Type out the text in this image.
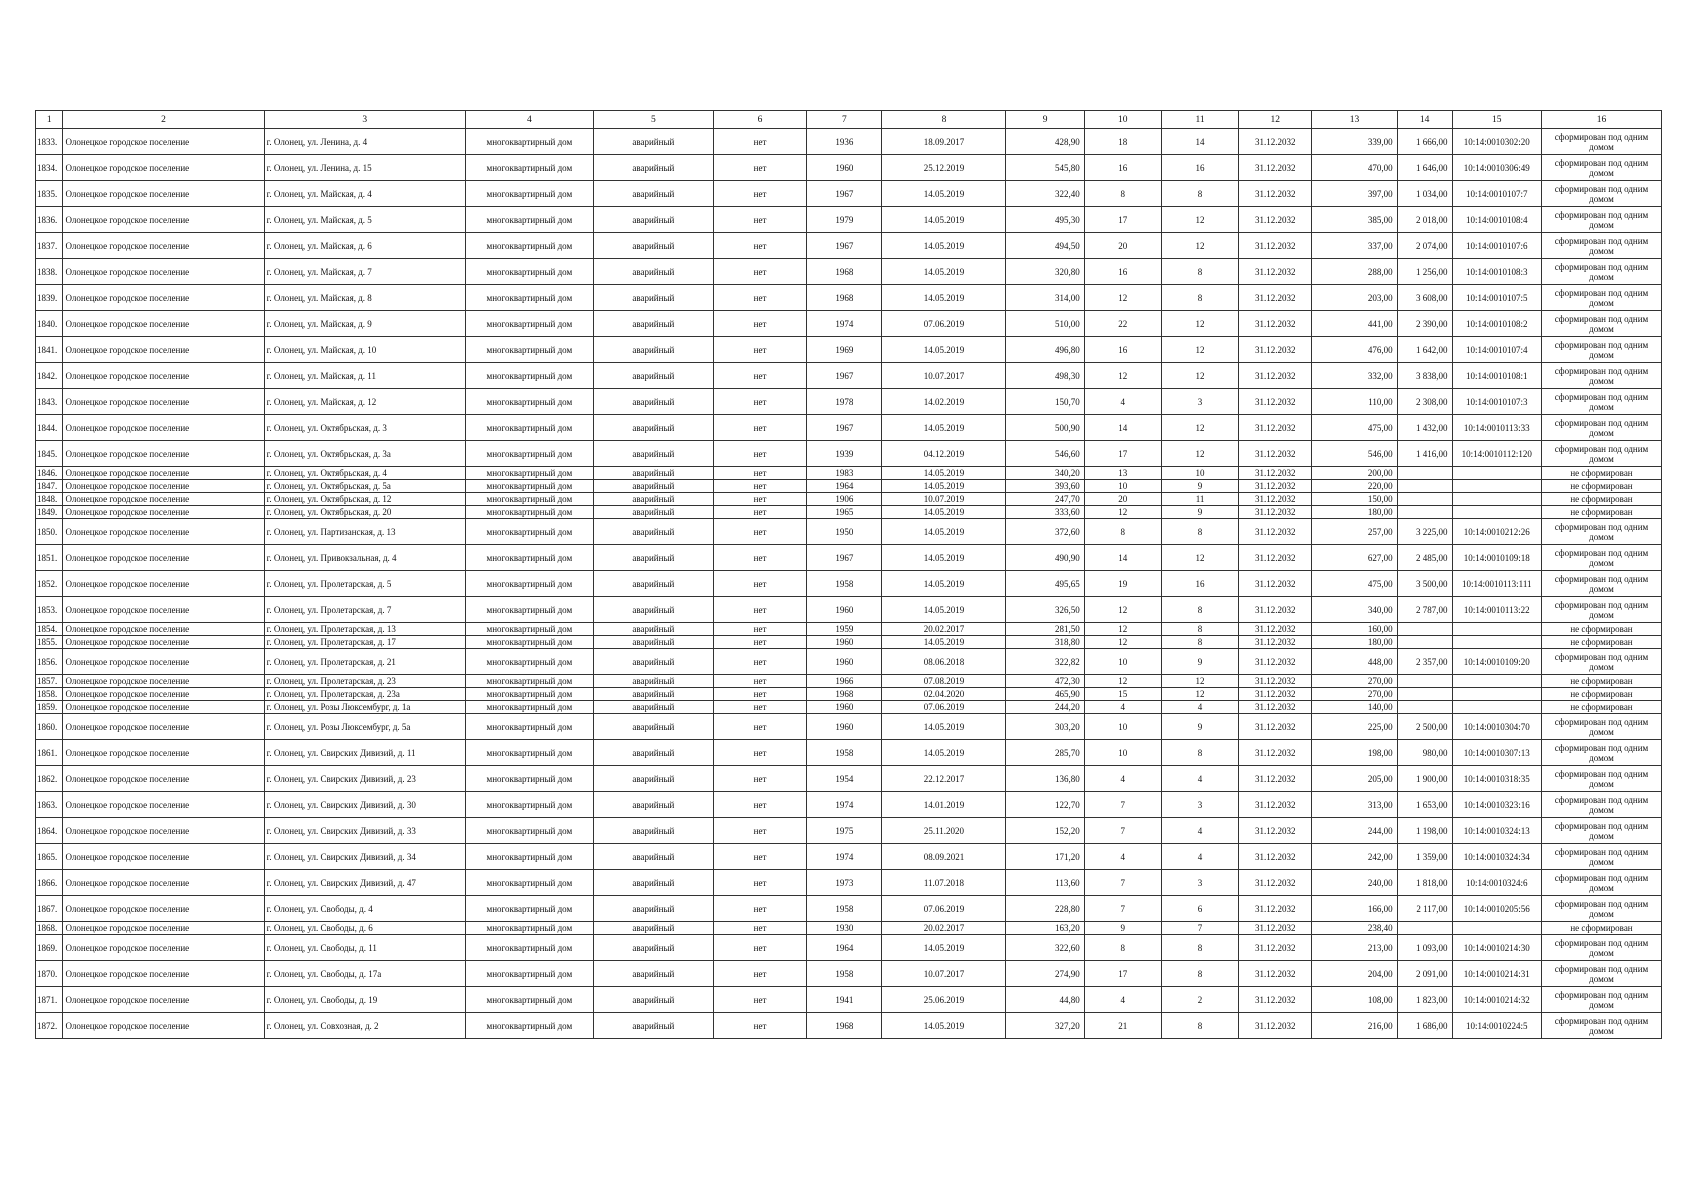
1	2	3	4	5	6	7	8	9	10	11	12	13	14	15	16
1833.	Олонецкое городское поселение	г. Олонец, ул. Ленина, д. 4	многоквартирный дом	аварийный	нет	1936	18.09.2017	428,90	18	14	31.12.2032	339,00	1 666,00	10:14:0010302:20	сформирован под одним домом
1834.	Олонецкое городское поселение	г. Олонец, ул. Ленина, д. 15	многоквартирный дом	аварийный	нет	1960	25.12.2019	545,80	16	16	31.12.2032	470,00	1 646,00	10:14:0010306:49	сформирован под одним домом
1835.	Олонецкое городское поселение	г. Олонец, ул. Майская, д. 4	многоквартирный дом	аварийный	нет	1967	14.05.2019	322,40	8	8	31.12.2032	397,00	1 034,00	10:14:0010107:7	сформирован под одним домом
1836.	Олонецкое городское поселение	г. Олонец, ул. Майская, д. 5	многоквартирный дом	аварийный	нет	1979	14.05.2019	495,30	17	12	31.12.2032	385,00	2 018,00	10:14:0010108:4	сформирован под одним домом
1837.	Олонецкое городское поселение	г. Олонец, ул. Майская, д. 6	многоквартирный дом	аварийный	нет	1967	14.05.2019	494,50	20	12	31.12.2032	337,00	2 074,00	10:14:0010107:6	сформирован под одним домом
1838.	Олонецкое городское поселение	г. Олонец, ул. Майская, д. 7	многоквартирный дом	аварийный	нет	1968	14.05.2019	320,80	16	8	31.12.2032	288,00	1 256,00	10:14:0010108:3	сформирован под одним домом
1839.	Олонецкое городское поселение	г. Олонец, ул. Майская, д. 8	многоквартирный дом	аварийный	нет	1968	14.05.2019	314,00	12	8	31.12.2032	203,00	3 608,00	10:14:0010107:5	сформирован под одним домом
1840.	Олонецкое городское поселение	г. Олонец, ул. Майская, д. 9	многоквартирный дом	аварийный	нет	1974	07.06.2019	510,00	22	12	31.12.2032	441,00	2 390,00	10:14:0010108:2	сформирован под одним домом
1841.	Олонецкое городское поселение	г. Олонец, ул. Майская, д. 10	многоквартирный дом	аварийный	нет	1969	14.05.2019	496,80	16	12	31.12.2032	476,00	1 642,00	10:14:0010107:4	сформирован под одним домом
1842.	Олонецкое городское поселение	г. Олонец, ул. Майская, д. 11	многоквартирный дом	аварийный	нет	1967	10.07.2017	498,30	12	12	31.12.2032	332,00	3 838,00	10:14:0010108:1	сформирован под одним домом
1843.	Олонецкое городское поселение	г. Олонец, ул. Майская, д. 12	многоквартирный дом	аварийный	нет	1978	14.02.2019	150,70	4	3	31.12.2032	110,00	2 308,00	10:14:0010107:3	сформирован под одним домом
1844.	Олонецкое городское поселение	г. Олонец, ул. Октябрьская, д. 3	многоквартирный дом	аварийный	нет	1967	14.05.2019	500,90	14	12	31.12.2032	475,00	1 432,00	10:14:0010113:33	сформирован под одним домом
1845.	Олонецкое городское поселение	г. Олонец, ул. Октябрьская, д. 3а	многоквартирный дом	аварийный	нет	1939	04.12.2019	546,60	17	12	31.12.2032	546,00	1 416,00	10:14:0010112:120	сформирован под одним домом
1846.	Олонецкое городское поселение	г. Олонец, ул. Октябрьская, д. 4	многоквартирный дом	аварийный	нет	1983	14.05.2019	340,20	13	10	31.12.2032	200,00			не сформирован
1847.	Олонецкое городское поселение	г. Олонец, ул. Октябрьская, д. 5а	многоквартирный дом	аварийный	нет	1964	14.05.2019	393,60	10	9	31.12.2032	220,00			не сформирован
1848.	Олонецкое городское поселение	г. Олонец, ул. Октябрьская, д. 12	многоквартирный дом	аварийный	нет	1906	10.07.2019	247,70	20	11	31.12.2032	150,00			не сформирован
1849.	Олонецкое городское поселение	г. Олонец, ул. Октябрьская, д. 20	многоквартирный дом	аварийный	нет	1965	14.05.2019	333,60	12	9	31.12.2032	180,00			не сформирован
1850.	Олонецкое городское поселение	г. Олонец, ул. Партизанская, д. 13	многоквартирный дом	аварийный	нет	1950	14.05.2019	372,60	8	8	31.12.2032	257,00	3 225,00	10:14:0010212:26	сформирован под одним домом
1851.	Олонецкое городское поселение	г. Олонец, ул. Привокзальная, д. 4	многоквартирный дом	аварийный	нет	1967	14.05.2019	490,90	14	12	31.12.2032	627,00	2 485,00	10:14:0010109:18	сформирован под одним домом
1852.	Олонецкое городское поселение	г. Олонец, ул. Пролетарская, д. 5	многоквартирный дом	аварийный	нет	1958	14.05.2019	495,65	19	16	31.12.2032	475,00	3 500,00	10:14:0010113:111	сформирован под одним домом
1853.	Олонецкое городское поселение	г. Олонец, ул. Пролетарская, д. 7	многоквартирный дом	аварийный	нет	1960	14.05.2019	326,50	12	8	31.12.2032	340,00	2 787,00	10:14:0010113:22	сформирован под одним домом
1854.	Олонецкое городское поселение	г. Олонец, ул. Пролетарская, д. 13	многоквартирный дом	аварийный	нет	1959	20.02.2017	281,50	12	8	31.12.2032	160,00			не сформирован
1855.	Олонецкое городское поселение	г. Олонец, ул. Пролетарская, д. 17	многоквартирный дом	аварийный	нет	1960	14.05.2019	318,80	12	8	31.12.2032	180,00			не сформирован
1856.	Олонецкое городское поселение	г. Олонец, ул. Пролетарская, д. 21	многоквартирный дом	аварийный	нет	1960	08.06.2018	322,82	10	9	31.12.2032	448,00	2 357,00	10:14:0010109:20	сформирован под одним домом
1857.	Олонецкое городское поселение	г. Олонец, ул. Пролетарская, д. 23	многоквартирный дом	аварийный	нет	1966	07.08.2019	472,30	12	12	31.12.2032	270,00			не сформирован
1858.	Олонецкое городское поселение	г. Олонец, ул. Пролетарская, д. 23а	многоквартирный дом	аварийный	нет	1968	02.04.2020	465,90	15	12	31.12.2032	270,00			не сформирован
1859.	Олонецкое городское поселение	г. Олонец, ул. Розы Люксембург, д. 1а	многоквартирный дом	аварийный	нет	1960	07.06.2019	244,20	4	4	31.12.2032	140,00			не сформирован
1860.	Олонецкое городское поселение	г. Олонец, ул. Розы Люксембург, д. 5а	многоквартирный дом	аварийный	нет	1960	14.05.2019	303,20	10	9	31.12.2032	225,00	2 500,00	10:14:0010304:70	сформирован под одним домом
1861.	Олонецкое городское поселение	г. Олонец, ул. Свирских Дивизий, д. 11	многоквартирный дом	аварийный	нет	1958	14.05.2019	285,70	10	8	31.12.2032	198,00	980,00	10:14:0010307:13	сформирован под одним домом
1862.	Олонецкое городское поселение	г. Олонец, ул. Свирских Дивизий, д. 23	многоквартирный дом	аварийный	нет	1954	22.12.2017	136,80	4	4	31.12.2032	205,00	1 900,00	10:14:0010318:35	сформирован под одним домом
1863.	Олонецкое городское поселение	г. Олонец, ул. Свирских Дивизий, д. 30	многоквартирный дом	аварийный	нет	1974	14.01.2019	122,70	7	3	31.12.2032	313,00	1 653,00	10:14:0010323:16	сформирован под одним домом
1864.	Олонецкое городское поселение	г. Олонец, ул. Свирских Дивизий, д. 33	многоквартирный дом	аварийный	нет	1975	25.11.2020	152,20	7	4	31.12.2032	244,00	1 198,00	10:14:0010324:13	сформирован под одним домом
1865.	Олонецкое городское поселение	г. Олонец, ул. Свирских Дивизий, д. 34	многоквартирный дом	аварийный	нет	1974	08.09.2021	171,20	4	4	31.12.2032	242,00	1 359,00	10:14:0010324:34	сформирован под одним домом
1866.	Олонецкое городское поселение	г. Олонец, ул. Свирских Дивизий, д. 47	многоквартирный дом	аварийный	нет	1973	11.07.2018	113,60	7	3	31.12.2032	240,00	1 818,00	10:14:0010324:6	сформирован под одним домом
1867.	Олонецкое городское поселение	г. Олонец, ул. Свободы, д. 4	многоквартирный дом	аварийный	нет	1958	07.06.2019	228,80	7	6	31.12.2032	166,00	2 117,00	10:14:0010205:56	сформирован под одним домом
1868.	Олонецкое городское поселение	г. Олонец, ул. Свободы, д. 6	многоквартирный дом	аварийный	нет	1930	20.02.2017	163,20	9	7	31.12.2032	238,40			не сформирован
1869.	Олонецкое городское поселение	г. Олонец, ул. Свободы, д. 11	многоквартирный дом	аварийный	нет	1964	14.05.2019	322,60	8	8	31.12.2032	213,00	1 093,00	10:14:0010214:30	сформирован под одним домом
1870.	Олонецкое городское поселение	г. Олонец, ул. Свободы, д. 17а	многоквартирный дом	аварийный	нет	1958	10.07.2017	274,90	17	8	31.12.2032	204,00	2 091,00	10:14:0010214:31	сформирован под одним домом
1871.	Олонецкое городское поселение	г. Олонец, ул. Свободы, д. 19	многоквартирный дом	аварийный	нет	1941	25.06.2019	44,80	4	2	31.12.2032	108,00	1 823,00	10:14:0010214:32	сформирован под одним домом
1872.	Олонецкое городское поселение	г. Олонец, ул. Совхозная, д. 2	многоквартирный дом	аварийный	нет	1968	14.05.2019	327,20	21	8	31.12.2032	216,00	1 686,00	10:14:0010224:5	сформирован под одним домом
